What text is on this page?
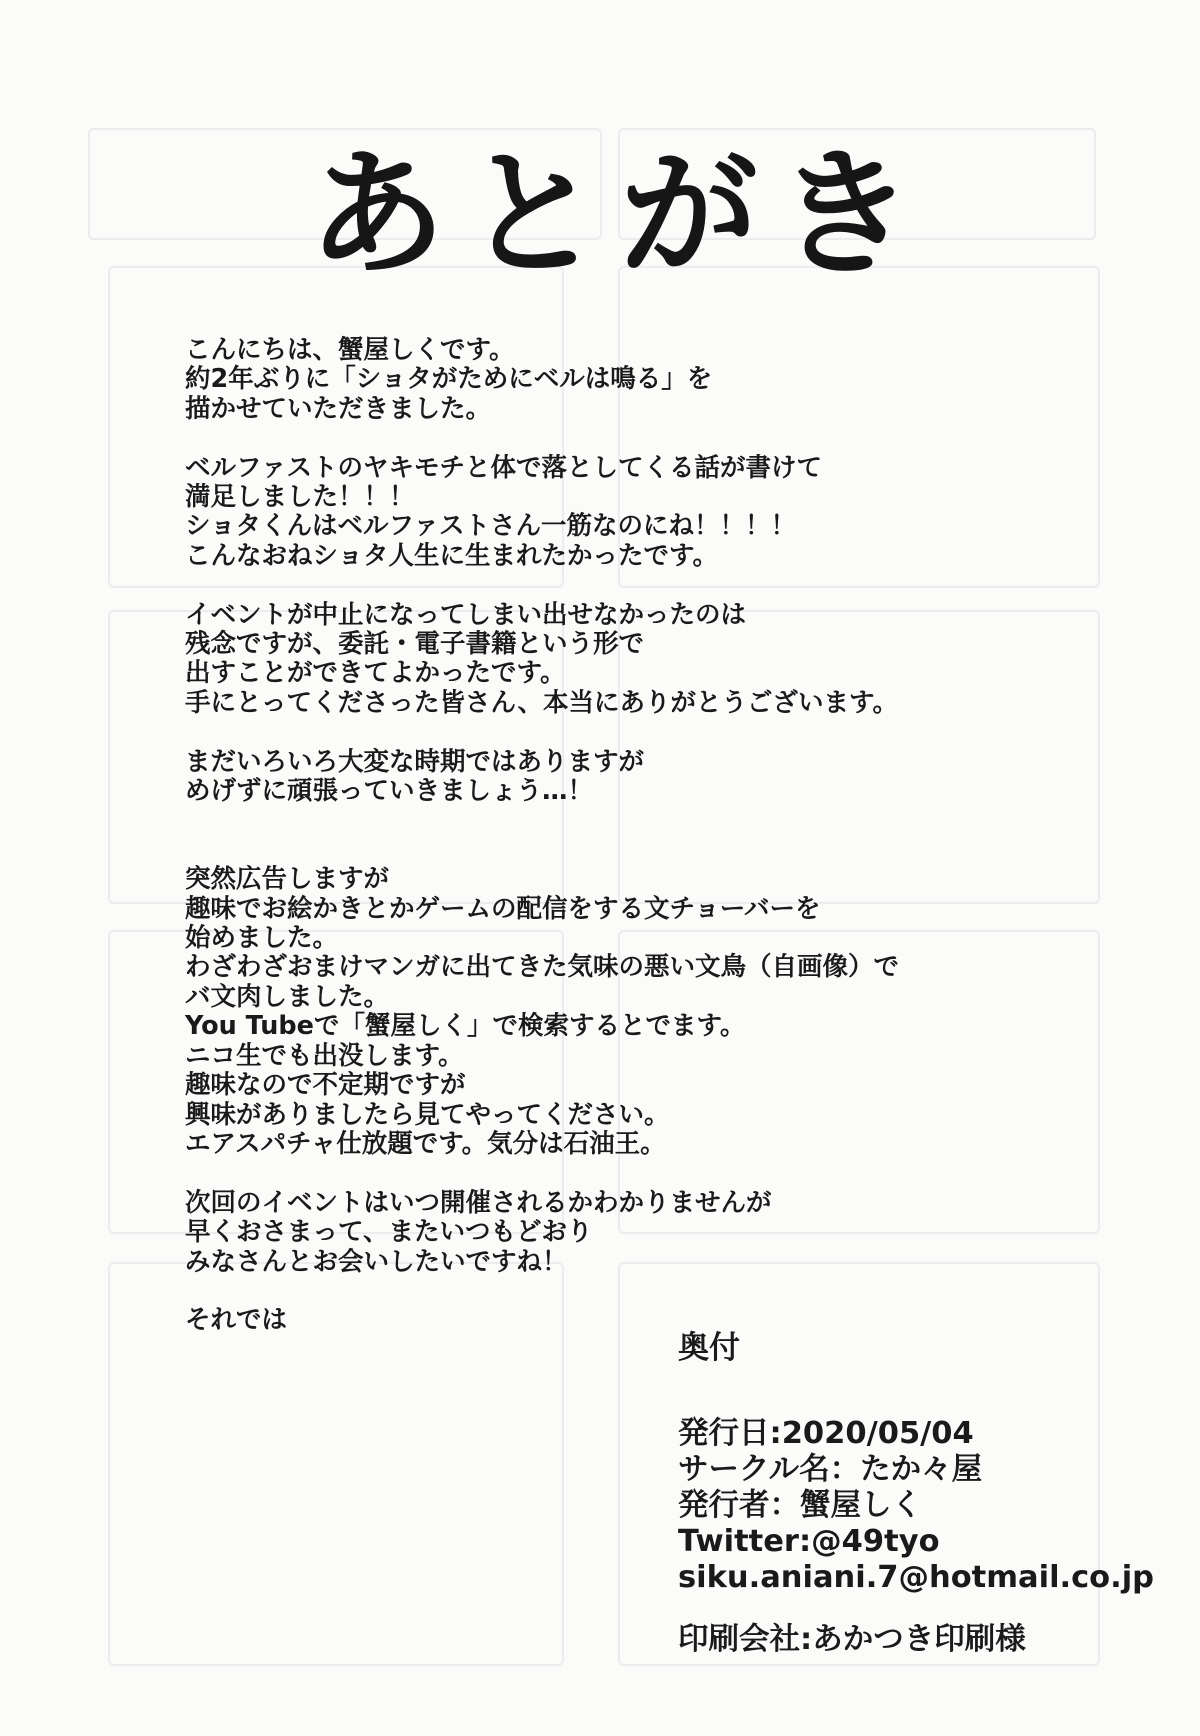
あとがき
こんにちは、蟹屋しくです。
約2年ぶりに「ショタがためにベルは鳴る」を
描かせていただきました。
ベルファストのヤキモチと体で落としてくる話が書けて
満足しました！！！
ショタくんはベルファストさん一筋なのにね！！！！
こんなおねショタ人生に生まれたかったです。
イベントが中止になってしまい出せなかったのは
残念ですが、委託・電子書籍という形で
出すことができてよかったです。
手にとってくださった皆さん、本当にありがとうございます。
まだいろいろ大変な時期ではありますが
めげずに頑張っていきましょう…！
突然広告しますが
趣味でお絵かきとかゲームの配信をする文チョーバーを
始めました。
わざわざおまけマンガに出てきた気味の悪い文鳥（自画像）で
バ文肉しました。
You Tubeで「蟹屋しく」で検索するとでます。
ニコ生でも出没します。
趣味なので不定期ですが
興味がありましたら見てやってください。
エアスパチャ仕放題です。気分は石油王。
次回のイベントはいつ開催されるかわかりませんが
早くおさまって、またいつもどおり
みなさんとお会いしたいですね！
それでは
奥付
発行日:2020/05/04
サークル名：たか々屋
発行者：蟹屋しく
Twitter:@49tyo
siku.aniani.7@hotmail.co.jp
印刷会社:あかつき印刷様
